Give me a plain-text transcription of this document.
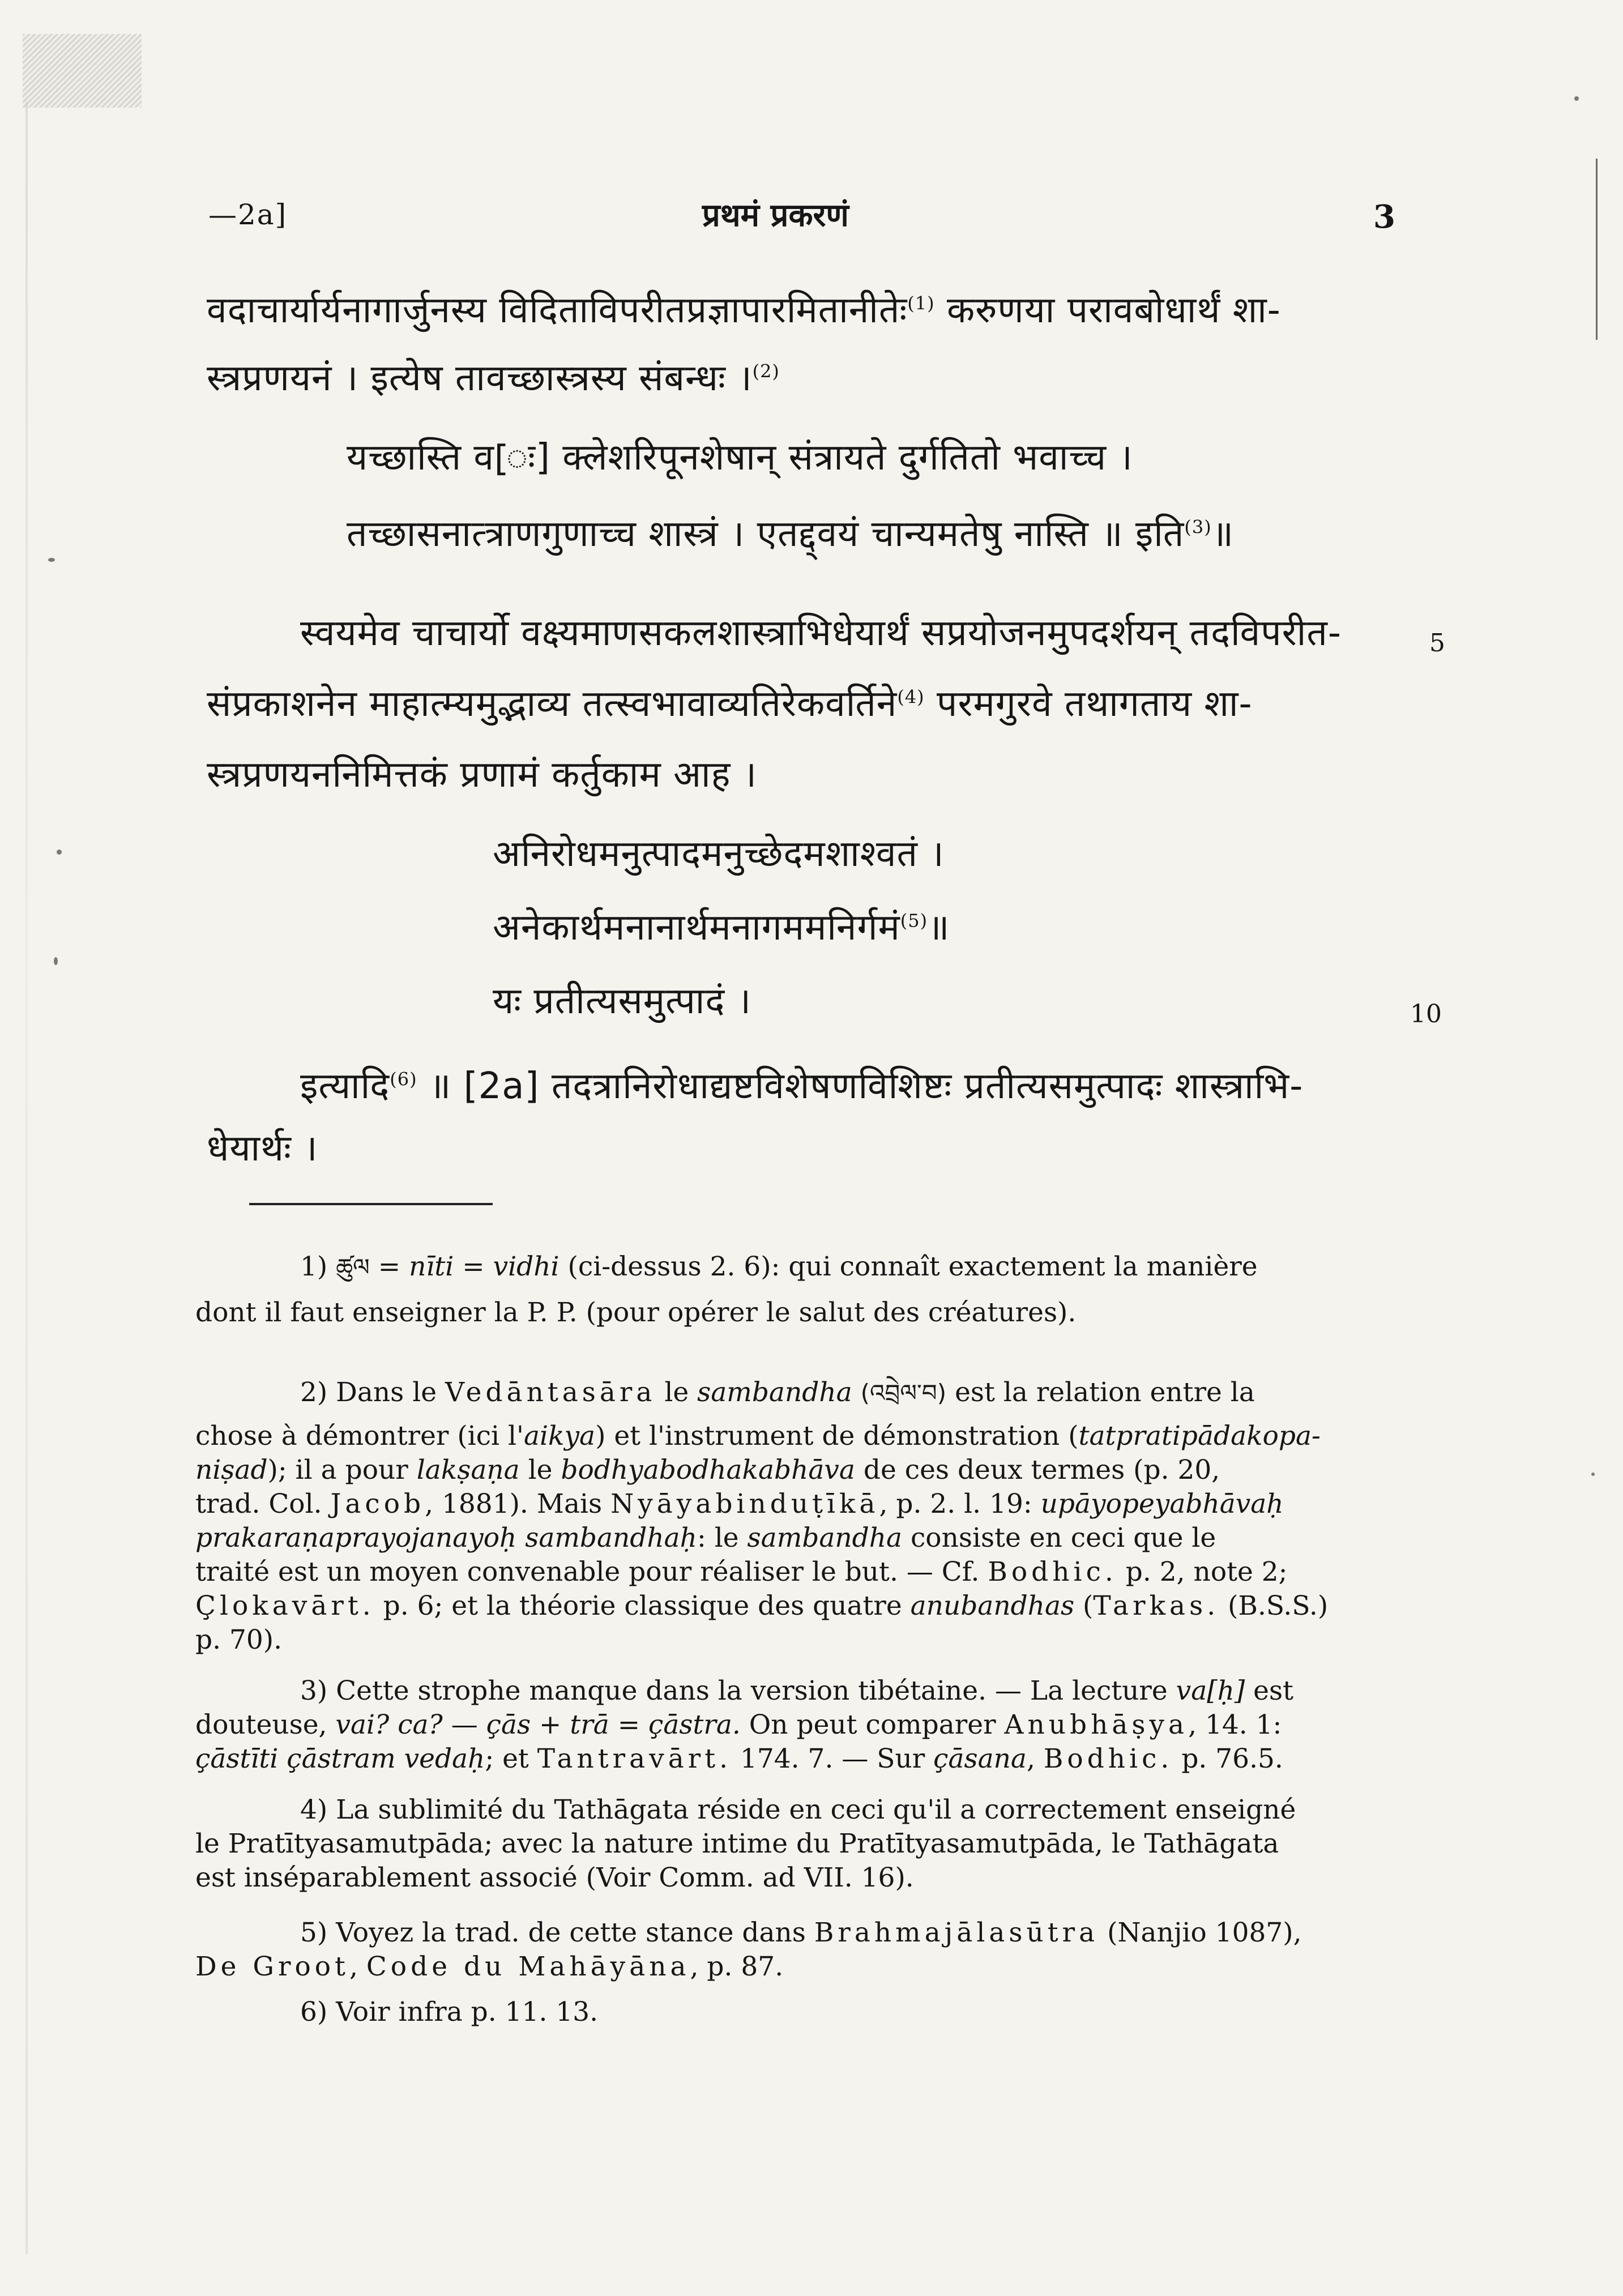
—2a]	प्रथमं प्रकरणं	3
वदाचार्यार्यनागार्जुनस्य विदिताविपरीतप्रज्ञापारमितानीतेः$^{(1)}$ करुणया परावबोधार्थं शा-
स्त्रप्रणयनं । इत्येष तावच्छास्त्रस्य संबन्धः ।$^{(2)}$
यच्छास्ति व[ः] क्लेशरिपूनशेषान् संत्रायते दुर्गतितो भवाच्च ।
तच्छासनात्त्राणगुणाच्च शास्त्रं । एतद्द्वयं चान्यमतेषु नास्ति ॥ इति$^{(3)}$॥
स्वयमेव चाचार्यो वक्ष्यमाणसकलशास्त्राभिधेयार्थं सप्रयोजनमुपदर्शयन् तदविपरीत-	5
संप्रकाशनेन माहात्म्यमुद्भाव्य तत्स्वभावाव्यतिरेकवर्तिने$^{(4)}$ परमगुरवे तथागताय शा-
स्त्रप्रणयननिमित्तकं प्रणामं कर्तुकाम आह ।
अनिरोधमनुत्पादमनुच्छेदमशाश्वतं ।
अनेकार्थमनानार्थमनागममनिर्गमं$^{(5)}$॥
यः प्रतीत्यसमुत्पादं ।	10
इत्यादि$^{(6)}$ ॥ [2a] तदत्रानिरोधाद्यष्टविशेषणविशिष्टः प्रतीत्यसमुत्पादः शास्त्राभि-
धेयार्थः ।
1) ཚུལ = nīti = vidhi (ci-dessus 2. 6): qui connaît exactement la manière
dont il faut enseigner la P. P. (pour opérer le salut des créatures).
2) Dans le Vedāntasāra le sambandha (འབྲེལ་བ) est la relation entre la
chose à démontrer (ici l'aikya) et l'instrument de démonstration (tatpratipādakopa-
niṣad); il a pour lakṣaṇa le bodhyabodhakabhāva de ces deux termes (p. 20,
trad. Col. Jacob, 1881). Mais Nyāyabinduṭīkā, p. 2. l. 19: upāyopeyabhāvaḥ
prakaraṇaprayojanayoḥ sambandhaḥ: le sambandha consiste en ceci que le
traité est un moyen convenable pour réaliser le but. — Cf. Bodhic. p. 2, note 2;
Çlokavārt. p. 6; et la théorie classique des quatre anubandhas (Tarkas. (B.S.S.)
p. 70).
3) Cette strophe manque dans la version tibétaine. — La lecture va[ḥ] est
douteuse, vai? ca? — çās + trā = çāstra. On peut comparer Anubhāṣya, 14. 1:
çāstīti çāstram vedaḥ; et Tantravārt. 174. 7. — Sur çāsana, Bodhic. p. 76.5.
4) La sublimité du Tathāgata réside en ceci qu'il a correctement enseigné
le Pratītyasamutpāda; avec la nature intime du Pratītyasamutpāda, le Tathāgata
est inséparablement associé (Voir Comm. ad VII. 16).
5) Voyez la trad. de cette stance dans Brahmajālasūtra (Nanjio 1087),
De Groot, Code du Mahāyāna, p. 87.
6) Voir infra p. 11. 13.
